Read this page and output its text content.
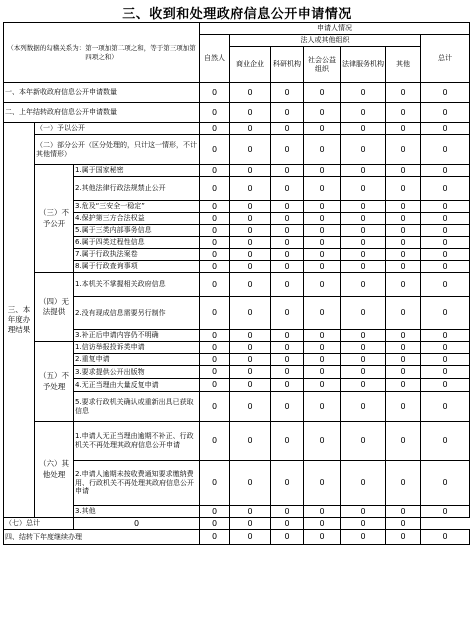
三、收到和处理政府信息公开申请情况
（本列数据的勾稽关系为：第一项加第二项之和，等于第三项加第四项之和）			申请人情况						
			自然人	法人或其他组织					总计
				商业企业	科研机构	社会公益组织	法律服务机构	其他	
一、本年新收政府信息公开申请数量			0	0	0	0	0	0	0
二、上年结转政府信息公开申请数量			0	0	0	0	0	0	0
三、本年度办理结果	（一）予以公开		0	0	0	0	0	0	0
	（二）部分公开（区分处理的，只计这一情形，不计其他情形）		0	0	0	0	0	0	0
	（三）不予公开	1.属于国家秘密	0	0	0	0	0	0	0
		2.其他法律行政法规禁止公开	0	0	0	0	0	0	0
		3.危及“三安全一稳定”	0	0	0	0	0	0	0
		4.保护第三方合法权益	0	0	0	0	0	0	0
		5.属于三类内部事务信息	0	0	0	0	0	0	0
		6.属于四类过程性信息	0	0	0	0	0	0	0
		7.属于行政执法案卷	0	0	0	0	0	0	0
		8.属于行政查询事项	0	0	0	0	0	0	0
	（四）无法提供	1.本机关不掌握相关政府信息	0	0	0	0	0	0	0
		2.没有现成信息需要另行制作	0	0	0	0	0	0	0
		3.补正后申请内容仍不明确	0	0	0	0	0	0	0
	（五）不予处理	1.信访举报投诉类申请	0	0	0	0	0	0	0
		2.重复申请	0	0	0	0	0	0	0
		3.要求提供公开出版物	0	0	0	0	0	0	0
		4.无正当理由大量反复申请	0	0	0	0	0	0	0
		5.要求行政机关确认或重新出具已获取信息	0	0	0	0	0	0	0
	（六）其他处理	1.申请人无正当理由逾期不补正、行政机关不再处理其政府信息公开申请	0	0	0	0	0	0	0
		2.申请人逾期未按收费通知要求缴纳费用、行政机关不再处理其政府信息公开申请	0	0	0	0	0	0	0
		3.其他	0	0	0	0	0	0	0
（七）总计		0	0	0	0	0	0	0	
四、结转下年度继续办理			0	0	0	0	0	0	0
